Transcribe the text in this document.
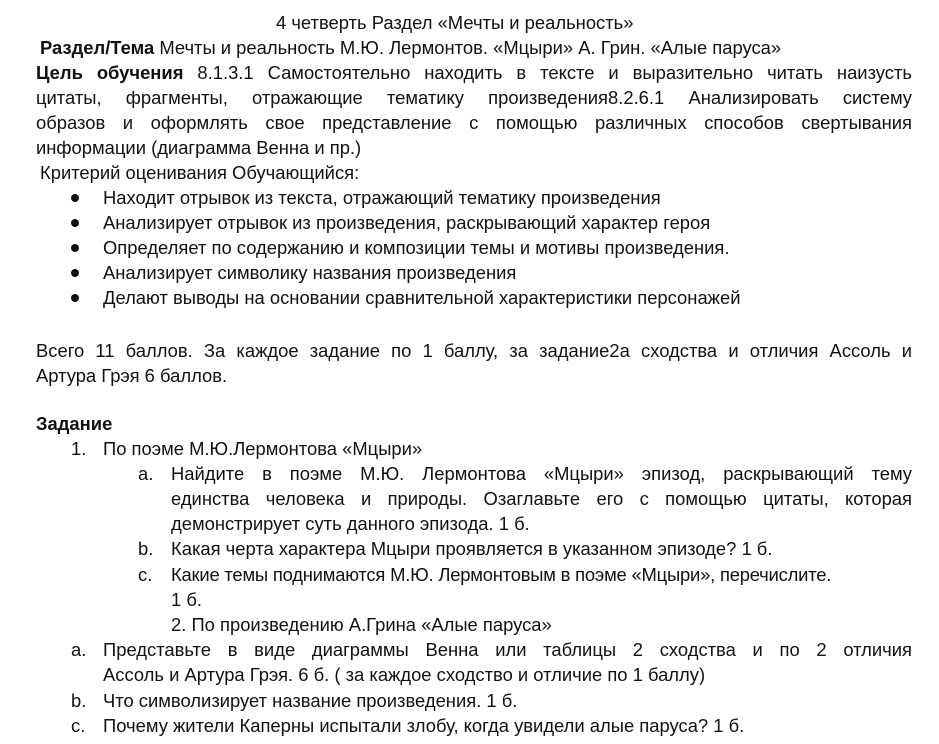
4 четверть Раздел «Мечты и реальность»
Раздел/Тема Мечты и реальность М.Ю. Лермонтов. «Мцыри» А. Грин. «Алые паруса»
Цель обучения 8.1.3.1 Самостоятельно находить в тексте и выразительно читать наизусть
цитаты, фрагменты, отражающие тематику произведения8.2.6.1 Анализировать систему
образов и оформлять свое представление с помощью различных способов свертывания
информации (диаграмма Венна и пр.)
Критерий оценивания Обучающийся:
Находит отрывок из текста, отражающий тематику произведения
Анализирует отрывок из произведения, раскрывающий характер героя
Определяет по содержанию и композиции темы и мотивы произведения.
Анализирует символику названия произведения
Делают выводы на основании сравнительной характеристики персонажей
Всего 11 баллов. За каждое задание по 1 баллу, за задание2а сходства и отличия Ассоль и
Артура Грэя 6 баллов.
Задание
1. По поэме М.Ю.Лермонтова «Мцыри»
a. Найдите в поэме М.Ю. Лермонтова «Мцыри» эпизод, раскрывающий тему
единства человека и природы. Озаглавьте его с помощью цитаты, которая
демонстрирует суть данного эпизода. 1 б.
b. Какая черта характера Мцыри проявляется в указанном эпизоде? 1 б.
c. Какие темы поднимаются М.Ю. Лермонтовым в поэме «Мцыри», перечислите.
1 б.
2. По произведению А.Грина «Алые паруса»
a. Представьте в виде диаграммы Венна или таблицы 2 сходства и по 2 отличия
Ассоль и Артура Грэя. 6 б. ( за каждое сходство и отличие по 1 баллу)
b. Что символизирует название произведения. 1 б.
c. Почему жители Каперны испытали злобу, когда увидели алые паруса? 1 б.
